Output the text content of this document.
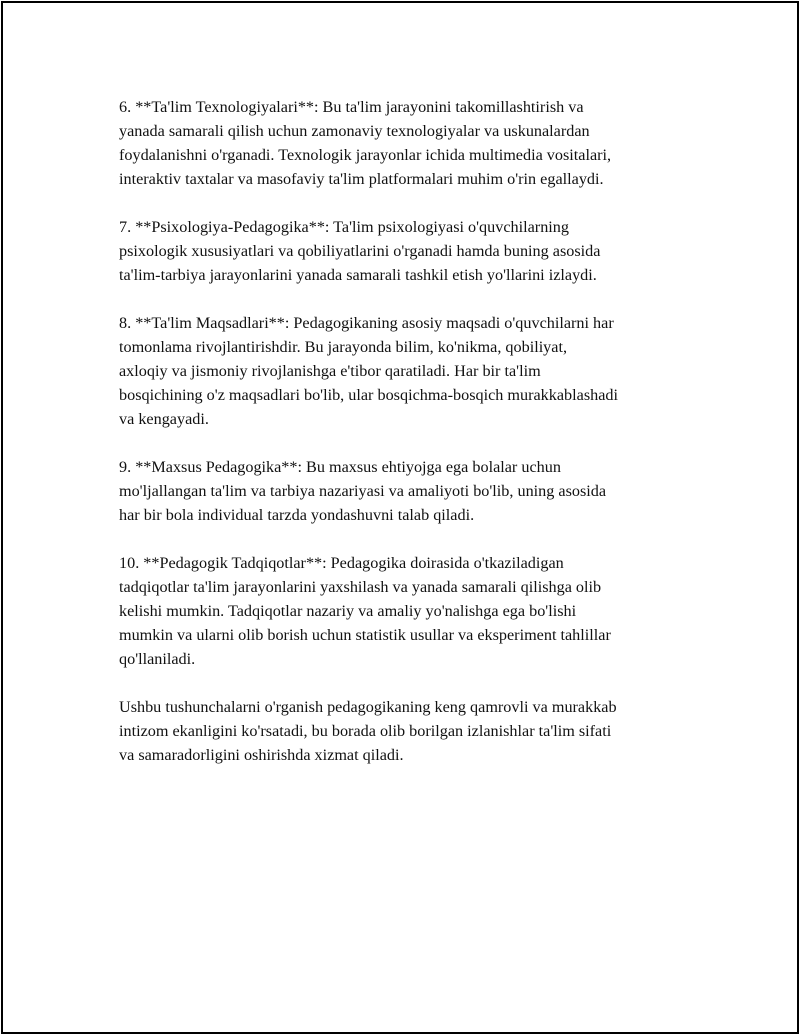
6. **Ta'lim Texnologiyalari**: Bu ta'lim jarayonini takomillashtirish va
yanada samarali qilish uchun zamonaviy texnologiyalar va uskunalardan
foydalanishni o'rganadi. Texnologik jarayonlar ichida multimedia vositalari,
interaktiv taxtalar va masofaviy ta'lim platformalari muhim o'rin egallaydi.

7. **Psixologiya-Pedagogika**: Ta'lim psixologiyasi o'quvchilarning
psixologik xususiyatlari va qobiliyatlarini o'rganadi hamda buning asosida
ta'lim-tarbiya jarayonlarini yanada samarali tashkil etish yo'llarini izlaydi.

8. **Ta'lim Maqsadlari**: Pedagogikaning asosiy maqsadi o'quvchilarni har
tomonlama rivojlantirishdir. Bu jarayonda bilim, ko'nikma, qobiliyat,
axloqiy va jismoniy rivojlanishga e'tibor qaratiladi. Har bir ta'lim
bosqichining o'z maqsadlari bo'lib, ular bosqichma-bosqich murakkablashadi
va kengayadi.

9. **Maxsus Pedagogika**: Bu maxsus ehtiyojga ega bolalar uchun
mo'ljallangan ta'lim va tarbiya nazariyasi va amaliyoti bo'lib, uning asosida
har bir bola individual tarzda yondashuvni talab qiladi.

10. **Pedagogik Tadqiqotlar**: Pedagogika doirasida o'tkaziladigan
tadqiqotlar ta'lim jarayonlarini yaxshilash va yanada samarali qilishga olib
kelishi mumkin. Tadqiqotlar nazariy va amaliy yo'nalishga ega bo'lishi
mumkin va ularni olib borish uchun statistik usullar va eksperiment tahlillar
qo'llaniladi.

Ushbu tushunchalarni o'rganish pedagogikaning keng qamrovli va murakkab
intizom ekanligini ko'rsatadi, bu borada olib borilgan izlanishlar ta'lim sifati
va samaradorligini oshirishda xizmat qiladi.
